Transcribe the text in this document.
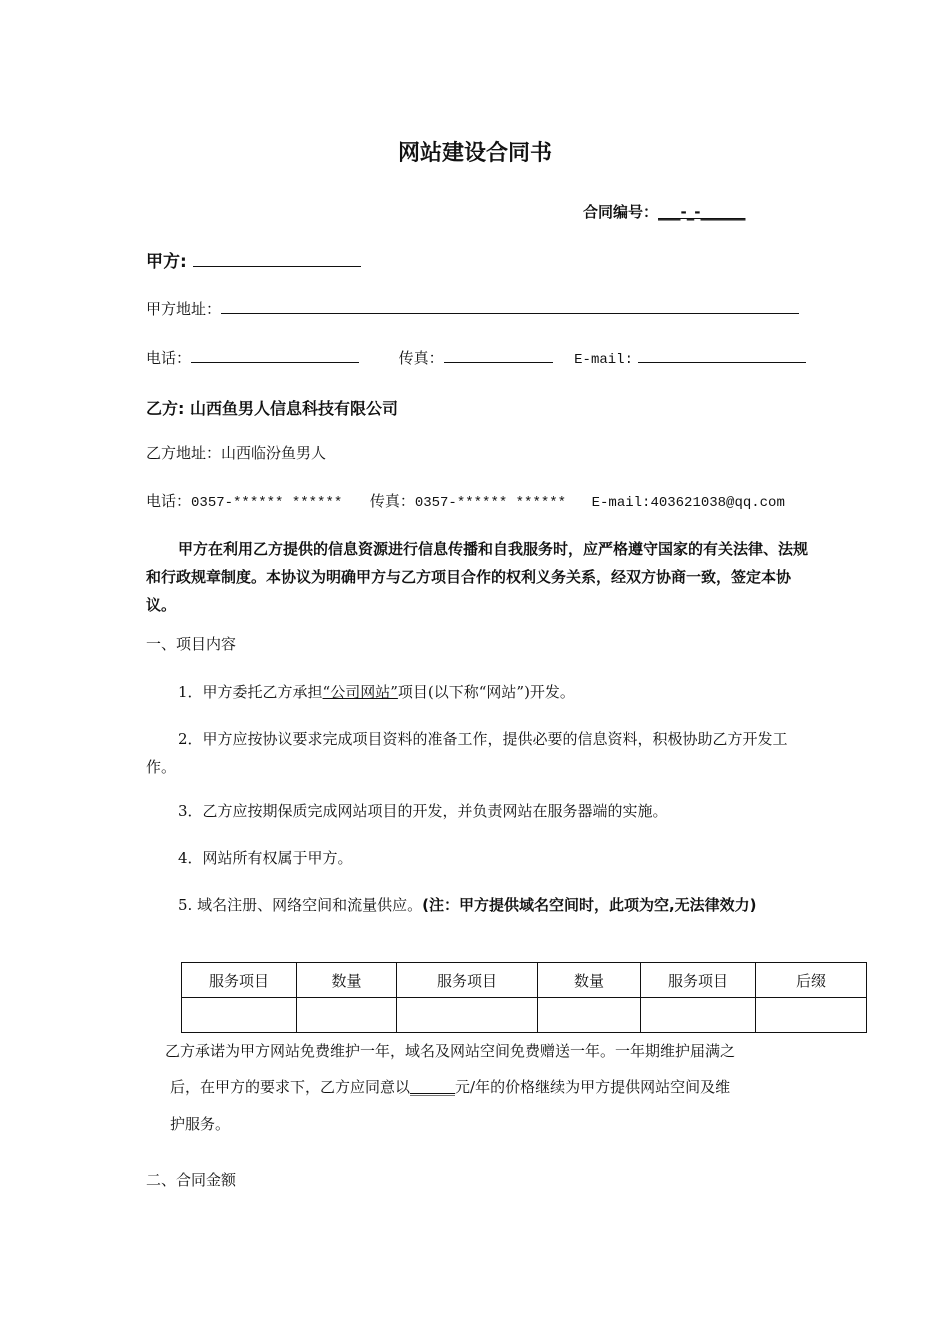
网站建设合同书
合同编号：___-_-______
甲方:
甲方地址：
电话：	传真：	E-mail:
乙方: 山西鱼男人信息科技有限公司
乙方地址：山西临汾鱼男人
电话：0357-****** ****** 传真：0357-****** ****** E-mail:403621038@qq.com
甲方在利用乙方提供的信息资源进行信息传播和自我服务时，应严格遵守国家的有关法律、法规和行政规章制度。本协议为明确甲方与乙方项目合作的权利义务关系，经双方协商一致，签定本协议。
一、项目内容
1．甲方委托乙方承担“公司网站”项目(以下称“网站”)开发。
2．甲方应按协议要求完成项目资料的准备工作，提供必要的信息资料，积极协助乙方开发工作。
3．乙方应按期保质完成网站项目的开发，并负责网站在服务器端的实施。
4．网站所有权属于甲方。
5. 域名注册、网络空间和流量供应。(注：甲方提供域名空间时，此项为空,无法律效力)
服务项目	数量	服务项目	数量	服务项目	后缀

乙方承诺为甲方网站免费维护一年，域名及网站空间免费赠送一年。一年期维护届满之
后，在甲方的要求下，乙方应同意以______元/年的价格继续为甲方提供网站空间及维
护服务。
二、合同金额
